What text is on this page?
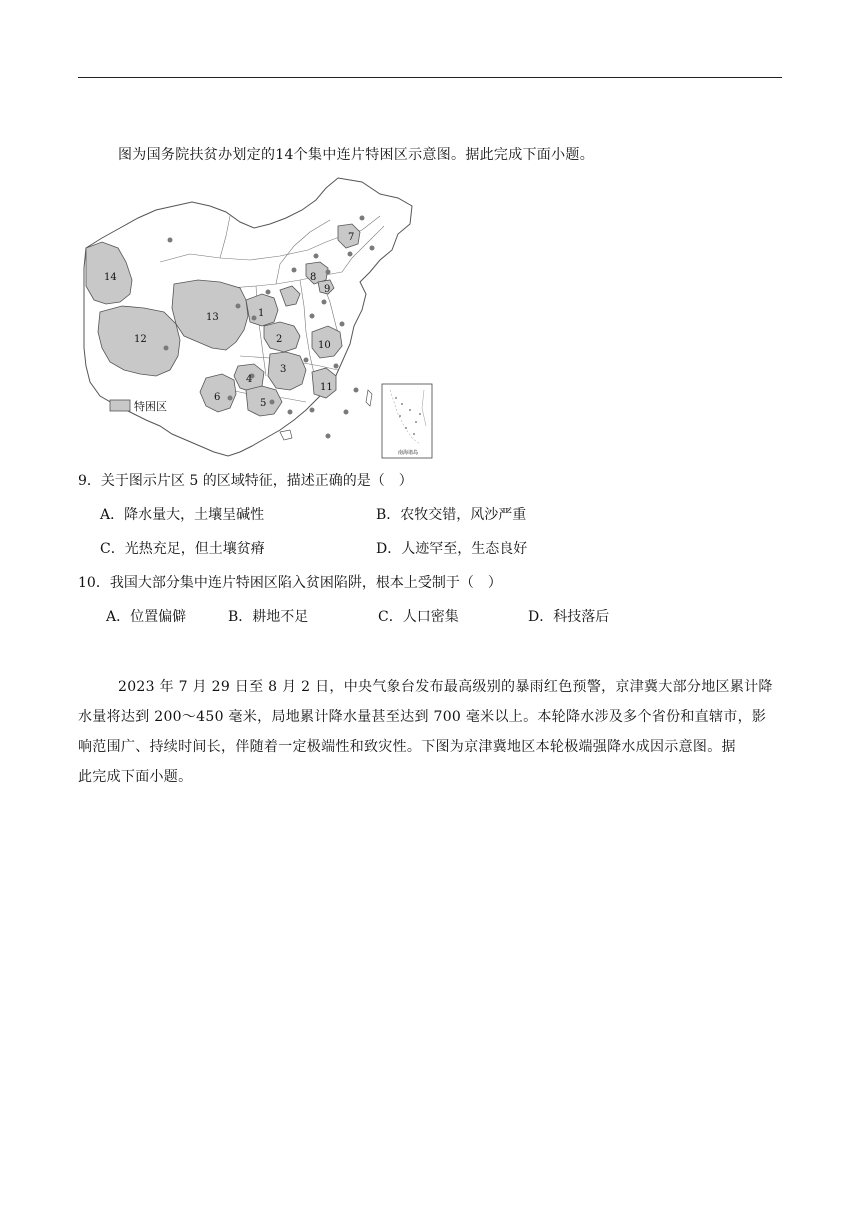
图为国务院扶贫办划定的14个集中连片特困区示意图。据此完成下面小题。
14
13
12
1
2
3
4
5
6
7
8
9
10
11
特困区
南海诸岛
9．关于图示片区 5 的区域特征，描述正确的是（　）
A．降水量大，土壤呈碱性	B．农牧交错，风沙严重
C．光热充足，但土壤贫瘠	D．人迹罕至，生态良好
10．我国大部分集中连片特困区陷入贫困陷阱，根本上受制于（　）
A．位置偏僻	B．耕地不足	C．人口密集	D．科技落后
2023 年 7 月 29 日至 8 月 2 日，中央气象台发布最高级别的暴雨红色预警，京津冀大部分地区累计降
水量将达到 200～450 毫米，局地累计降水量甚至达到 700 毫米以上。本轮降水涉及多个省份和直辖市，影
响范围广、持续时间长，伴随着一定极端性和致灾性。下图为京津冀地区本轮极端强降水成因示意图。据
此完成下面小题。
